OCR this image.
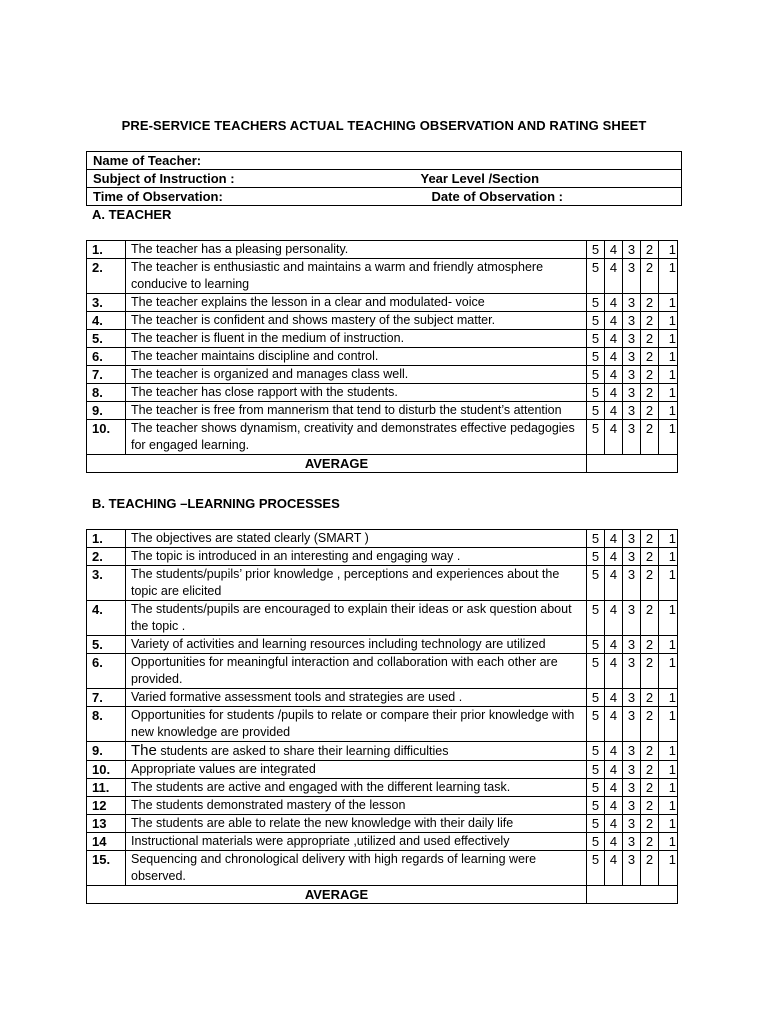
PRE-SERVICE TEACHERS ACTUAL TEACHING OBSERVATION AND RATING SHEET
Name of Teacher:
Subject of Instruction :	Year Level /Section

Time of Observation:	Date of Observation :
A. TEACHER
1.	The teacher has a pleasing personality.	5	4	3	2	1
2.	The teacher is enthusiastic and maintains a warm and friendly atmosphere conducive to learning	5	4	3	2	1
3.	The teacher explains the lesson in a clear and modulated- voice	5	4	3	2	1
4.	The teacher is confident and shows mastery of the subject matter.	5	4	3	2	1
5.	The teacher is fluent in the medium of instruction.	5	4	3	2	1
6.	The teacher maintains discipline and control.	5	4	3	2	1
7.	The teacher is organized and manages class well.	5	4	3	2	1
8.	The teacher has close rapport with the students.	5	4	3	2	1
9.	The teacher is free from mannerism that tend to disturb the student’s attention	5	4	3	2	1
10.	The teacher shows dynamism, creativity and demonstrates effective pedagogies for engaged learning.	5	4	3	2	1
AVERAGE						
B. TEACHING –LEARNING PROCESSES
1.	The objectives are stated clearly (SMART )	5	4	3	2	1
2.	The topic is introduced in an interesting and engaging way .	5	4	3	2	1
3.	The students/pupils’ prior knowledge , perceptions and experiences about the topic are elicited	5	4	3	2	1
4.	The students/pupils are encouraged to explain their ideas or ask question about the topic .	5	4	3	2	1
5.	Variety of activities and learning resources including technology are utilized	5	4	3	2	1
6.	Opportunities for meaningful interaction and collaboration with each other are provided.	5	4	3	2	1
7.	Varied formative assessment tools and strategies are used .	5	4	3	2	1
8.	Opportunities for students /pupils to relate or compare their prior knowledge with new knowledge are provided	5	4	3	2	1
9.	The students are asked to share their learning difficulties	5	4	3	2	1
10.	Appropriate values are integrated	5	4	3	2	1
11.	The students are active and engaged with the different learning task.	5	4	3	2	1
12	The students demonstrated mastery of the lesson	5	4	3	2	1
13	The students are able to relate the new knowledge with their daily life	5	4	3	2	1
14	Instructional materials were appropriate ,utilized and used effectively	5	4	3	2	1
15.	Sequencing and chronological delivery with high regards of learning were observed.	5	4	3	2	1
AVERAGE						
